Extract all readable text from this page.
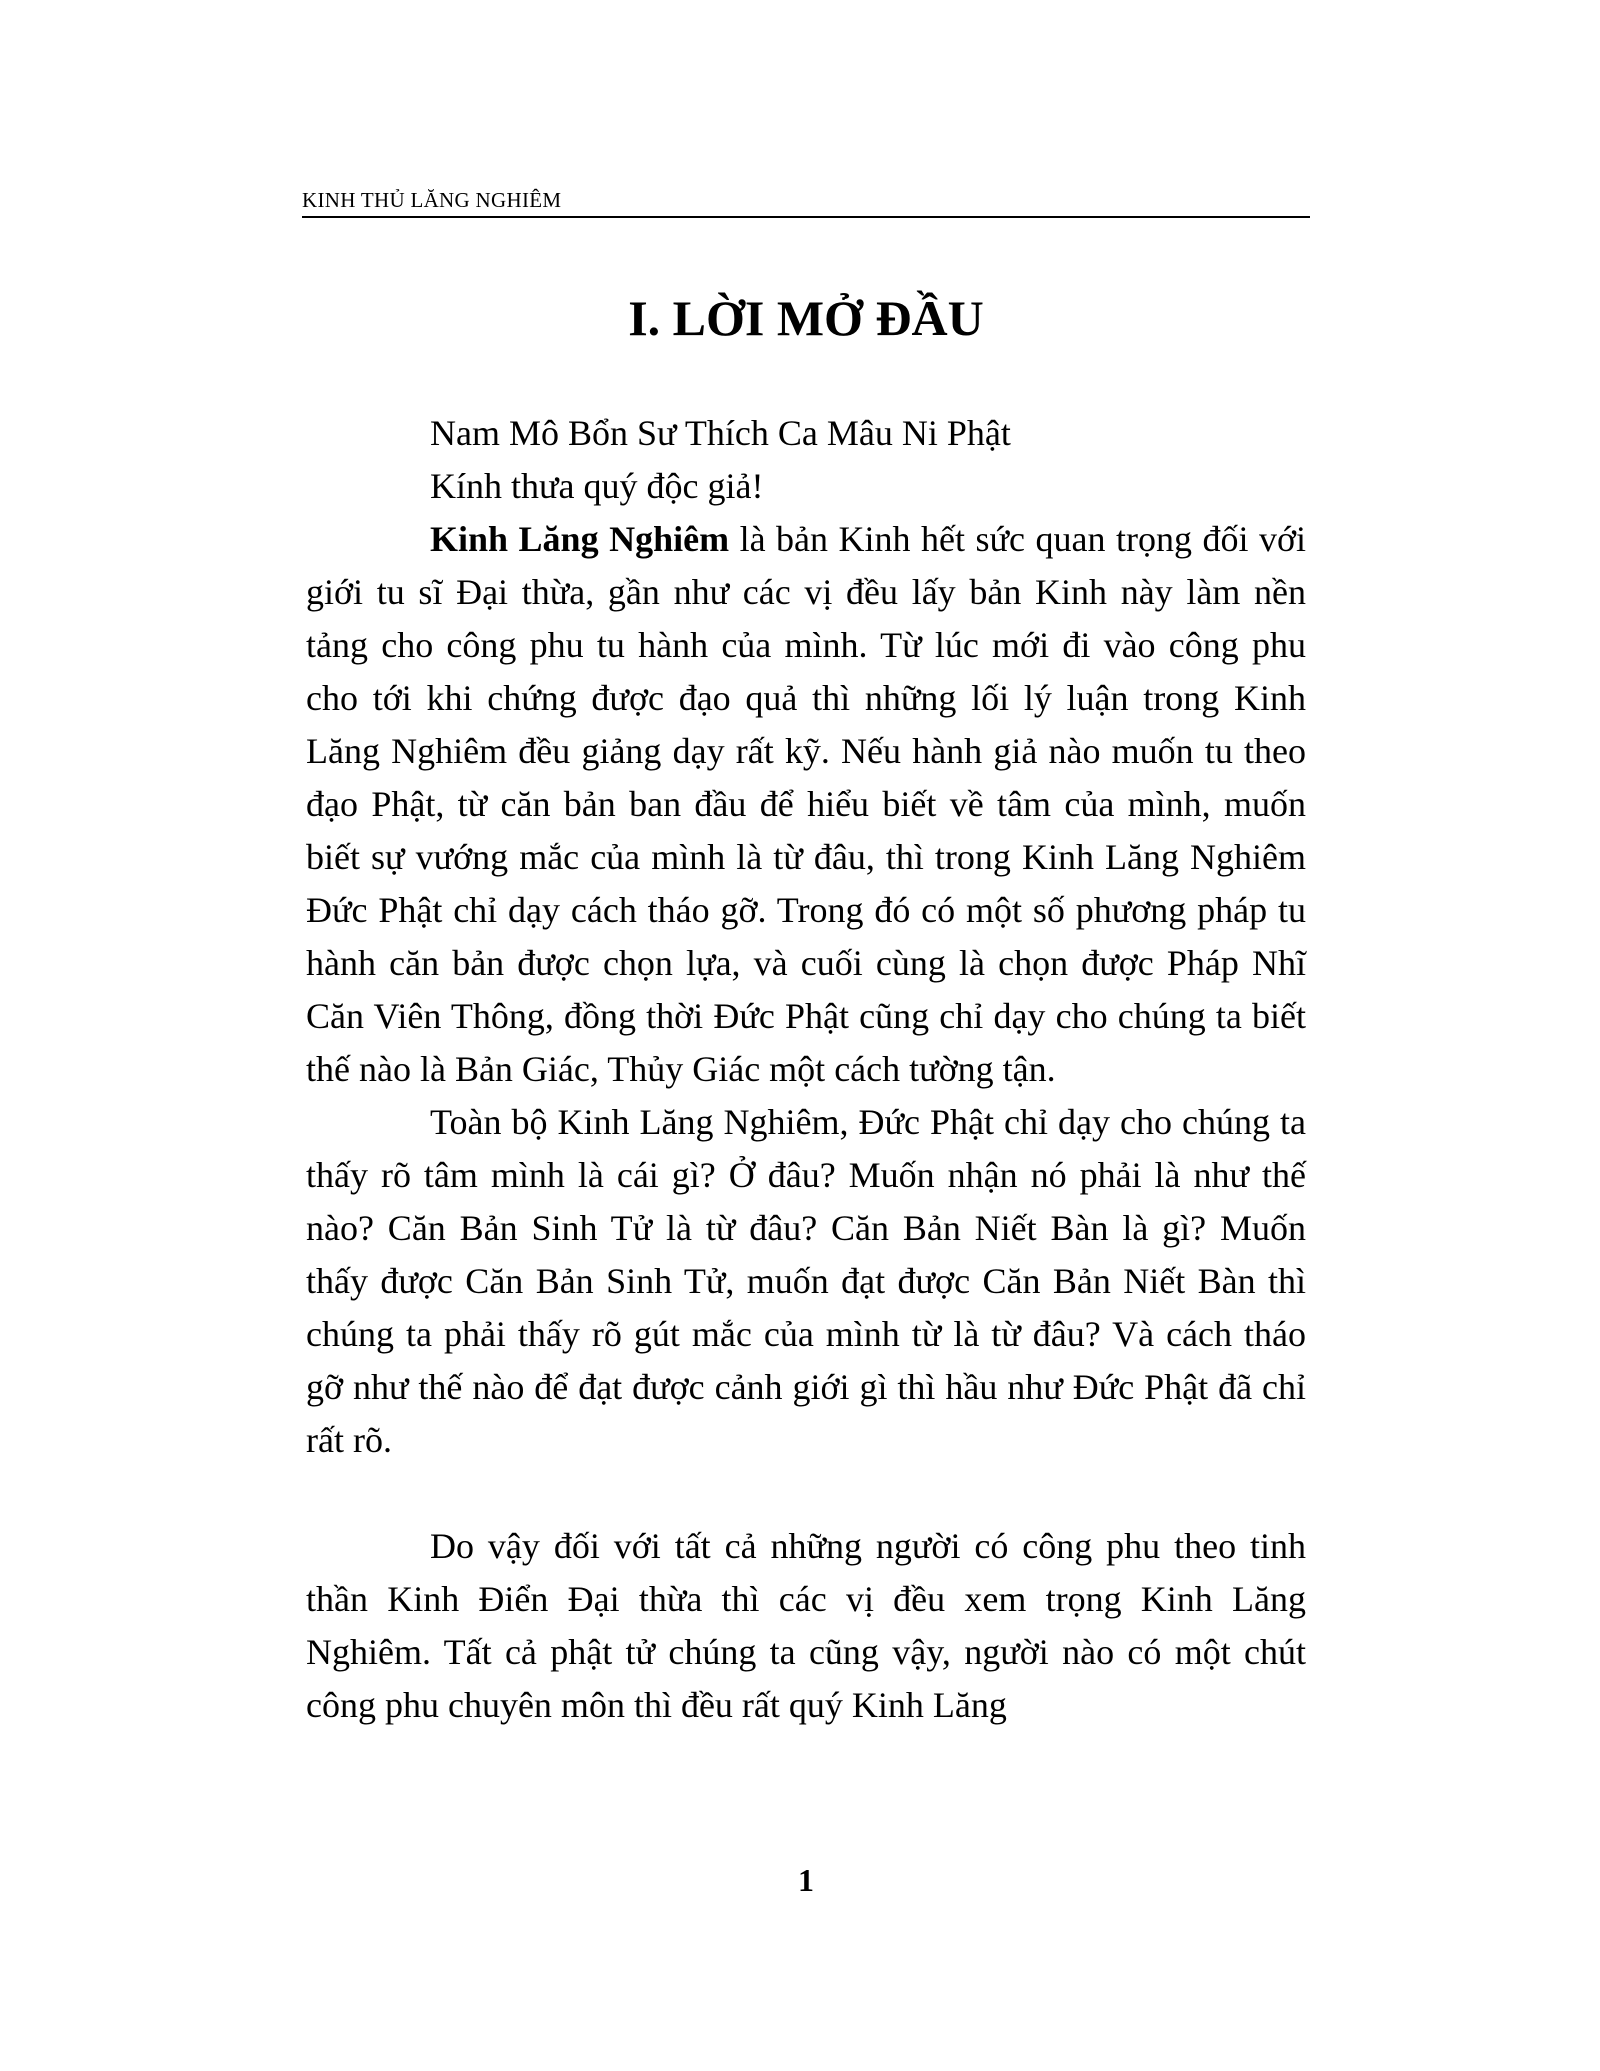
KINH THỦ LĂNG NGHIÊM
I. LỜI MỞ ĐẦU

Nam Mô Bổn Sư Thích Ca Mâu Ni Phật

Kính thưa quý độc giả!

Kinh Lăng Nghiêm là bản Kinh hết sức quan trọng đối với giới tu sĩ Đại thừa, gần như các vị đều lấy bản Kinh này làm nền tảng cho công phu tu hành của mình. Từ lúc mới đi vào công phu cho tới khi chứng được đạo quả thì những lối lý luận trong Kinh Lăng Nghiêm đều giảng dạy rất kỹ. Nếu hành giả nào muốn tu theo đạo Phật, từ căn bản ban đầu để hiểu biết về tâm của mình, muốn biết sự vướng mắc của mình là từ đâu, thì trong Kinh Lăng Nghiêm Đức Phật chỉ dạy cách tháo gỡ. Trong đó có một số phương pháp tu hành căn bản được chọn lựa, và cuối cùng là chọn được Pháp Nhĩ Căn Viên Thông, đồng thời Đức Phật cũng chỉ dạy cho chúng ta biết thế nào là Bản Giác, Thủy Giác một cách tường tận.

Toàn bộ Kinh Lăng Nghiêm, Đức Phật chỉ dạy cho chúng ta thấy rõ tâm mình là cái gì? Ở đâu? Muốn nhận nó phải là như thế nào? Căn Bản Sinh Tử là từ đâu? Căn Bản Niết Bàn là gì? Muốn thấy được Căn Bản Sinh Tử, muốn đạt được Căn Bản Niết Bàn thì chúng ta phải thấy rõ gút mắc của mình từ là từ đâu? Và cách tháo gỡ như thế nào để đạt được cảnh giới gì thì hầu như Đức Phật đã chỉ rất rõ.

Do vậy đối với tất cả những người có công phu theo tinh thần Kinh Điển Đại thừa thì các vị đều xem trọng Kinh Lăng Nghiêm. Tất cả phật tử chúng ta cũng vậy, người nào có một chút công phu chuyên môn thì đều rất quý Kinh Lăng

1
